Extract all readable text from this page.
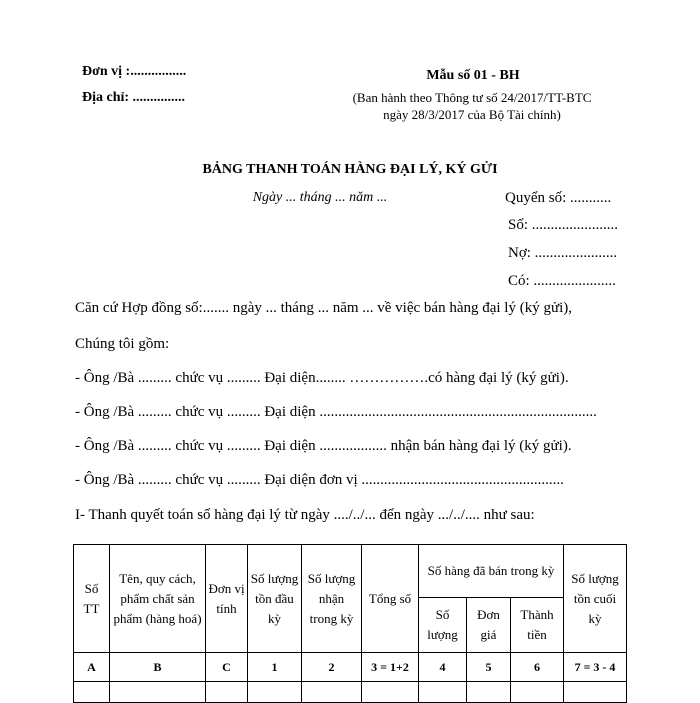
Đơn vị :................
Địa chỉ: ...............
Mẫu số 01 - BH
(Ban hành theo Thông tư số 24/2017/TT-BTC
ngày 28/3/2017 của Bộ Tài chính)
BẢNG THANH TOÁN HÀNG ĐẠI LÝ, KÝ GỬI
Ngày ... tháng ... năm ...	Quyển số: ...........
Số: .......................
Nợ: ......................
Có: ......................
Căn cứ Hợp đồng số:....... ngày ... tháng ... năm ... về việc bán hàng đại lý (ký gửi),
Chúng tôi gồm:
- Ông /Bà ......... chức vụ ......... Đại diện........ …………….có hàng đại lý (ký gửi).
- Ông /Bà ......... chức vụ ......... Đại diện ..........................................................................
- Ông /Bà ......... chức vụ ......... Đại diện .................. nhận bán hàng đại lý (ký gửi).
- Ông /Bà ......... chức vụ ......... Đại diện đơn vị ......................................................
I- Thanh quyết toán số hàng đại lý từ ngày ..../../... đến ngày .../../.... như sau:
Số TT	Tên, quy cách, phẩm chất sản phẩm (hàng hoá)	Đơn vị tính	Số lượng tồn đầu kỳ	Số lượng nhận trong kỳ	Tổng số	Số hàng đã bán trong kỳ			Số lượng tồn cuối kỳ
						Số lượng	Đơn giá	Thành tiền	
A	B	C	1	2	3 = 1+2	4	5	6	7 = 3 - 4
